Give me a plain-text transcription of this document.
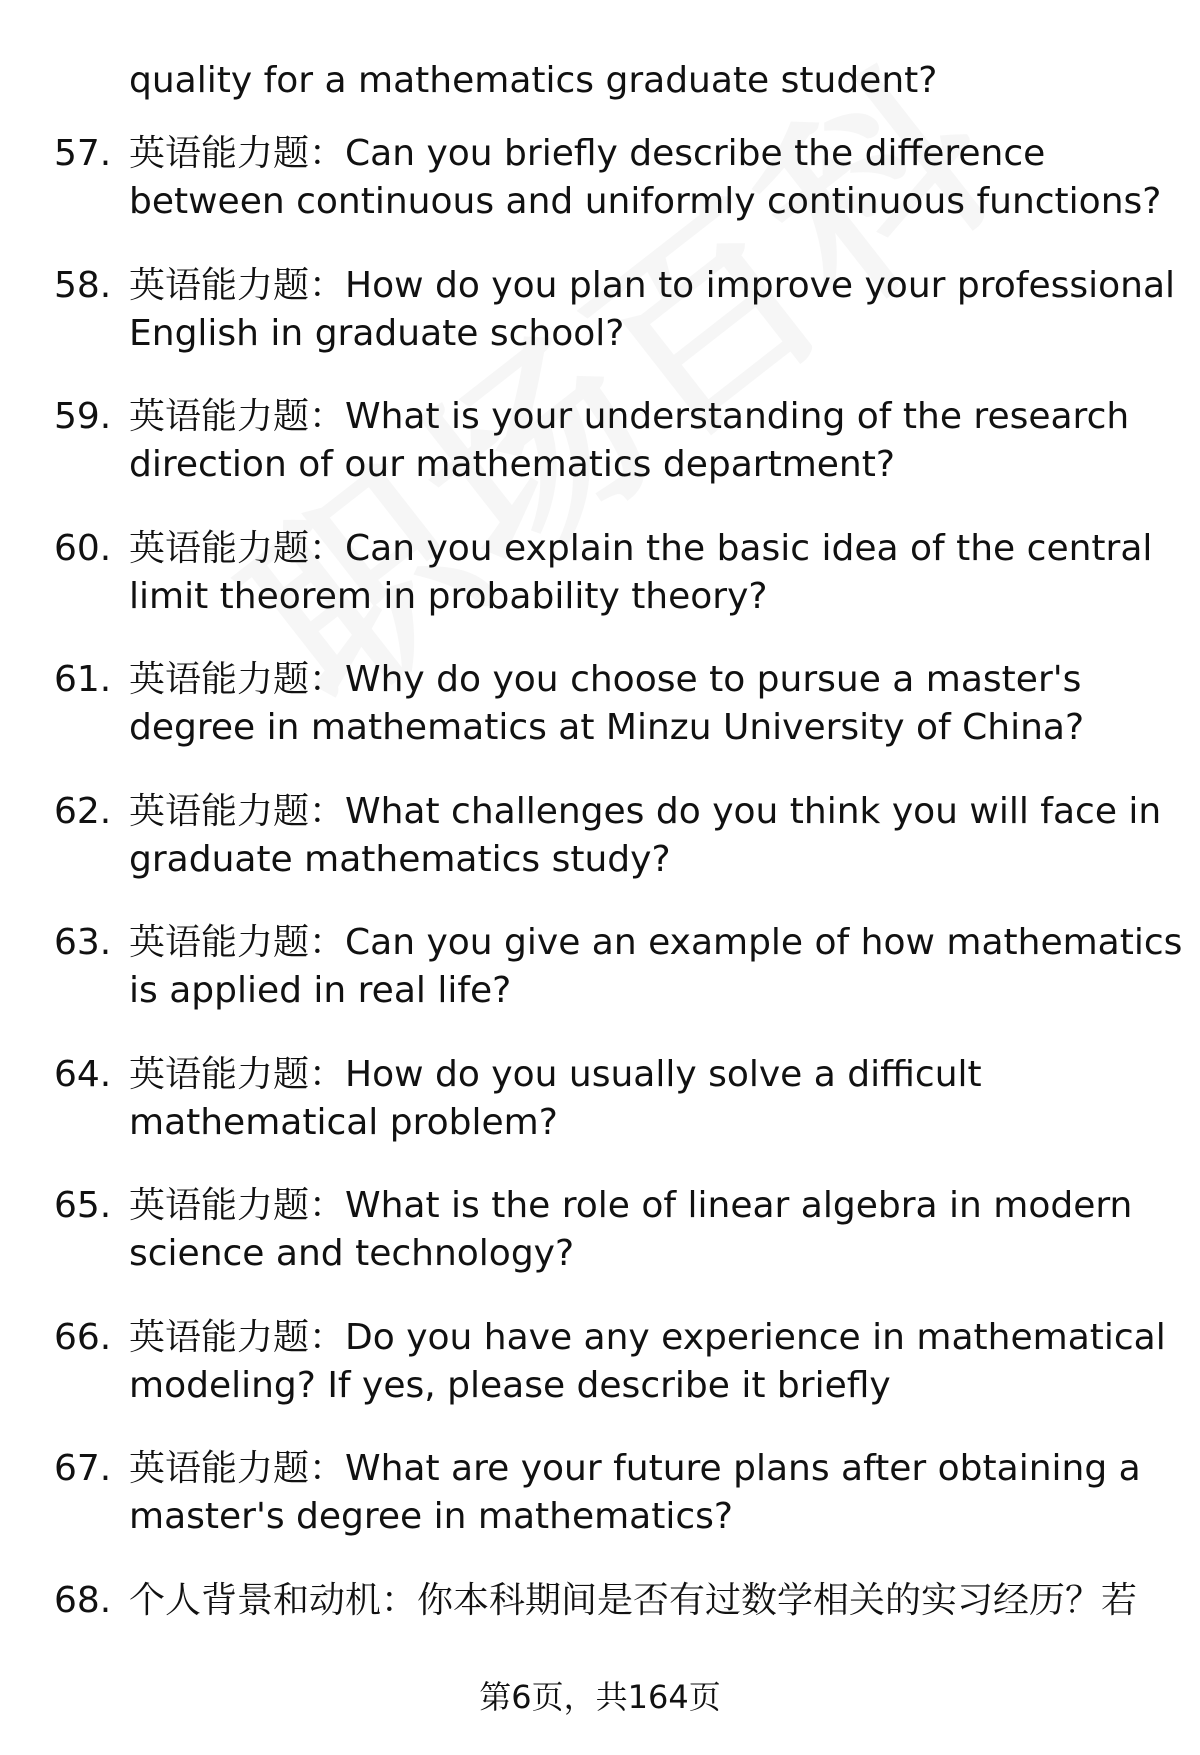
quality for a mathematics graduate student?
57. 英语能力题：Can you briefly describe the difference
between continuous and uniformly continuous functions?
58. 英语能力题：How do you plan to improve your professional
English in graduate school?
59. 英语能力题：What is your understanding of the research
direction of our mathematics department?
60. 英语能力题：Can you explain the basic idea of the central
limit theorem in probability theory?
61. 英语能力题：Why do you choose to pursue a master's
degree in mathematics at Minzu University of China?
62. 英语能力题：What challenges do you think you will face in
graduate mathematics study?
63. 英语能力题：Can you give an example of how mathematics
is applied in real life?
64. 英语能力题：How do you usually solve a difficult
mathematical problem?
65. 英语能力题：What is the role of linear algebra in modern
science and technology?
66. 英语能力题：Do you have any experience in mathematical
modeling? If yes, please describe it briefly
67. 英语能力题：What are your future plans after obtaining a
master's degree in mathematics?
68. 个人背景和动机：你本科期间是否有过数学相关的实习经历？若
第6页，共164页
